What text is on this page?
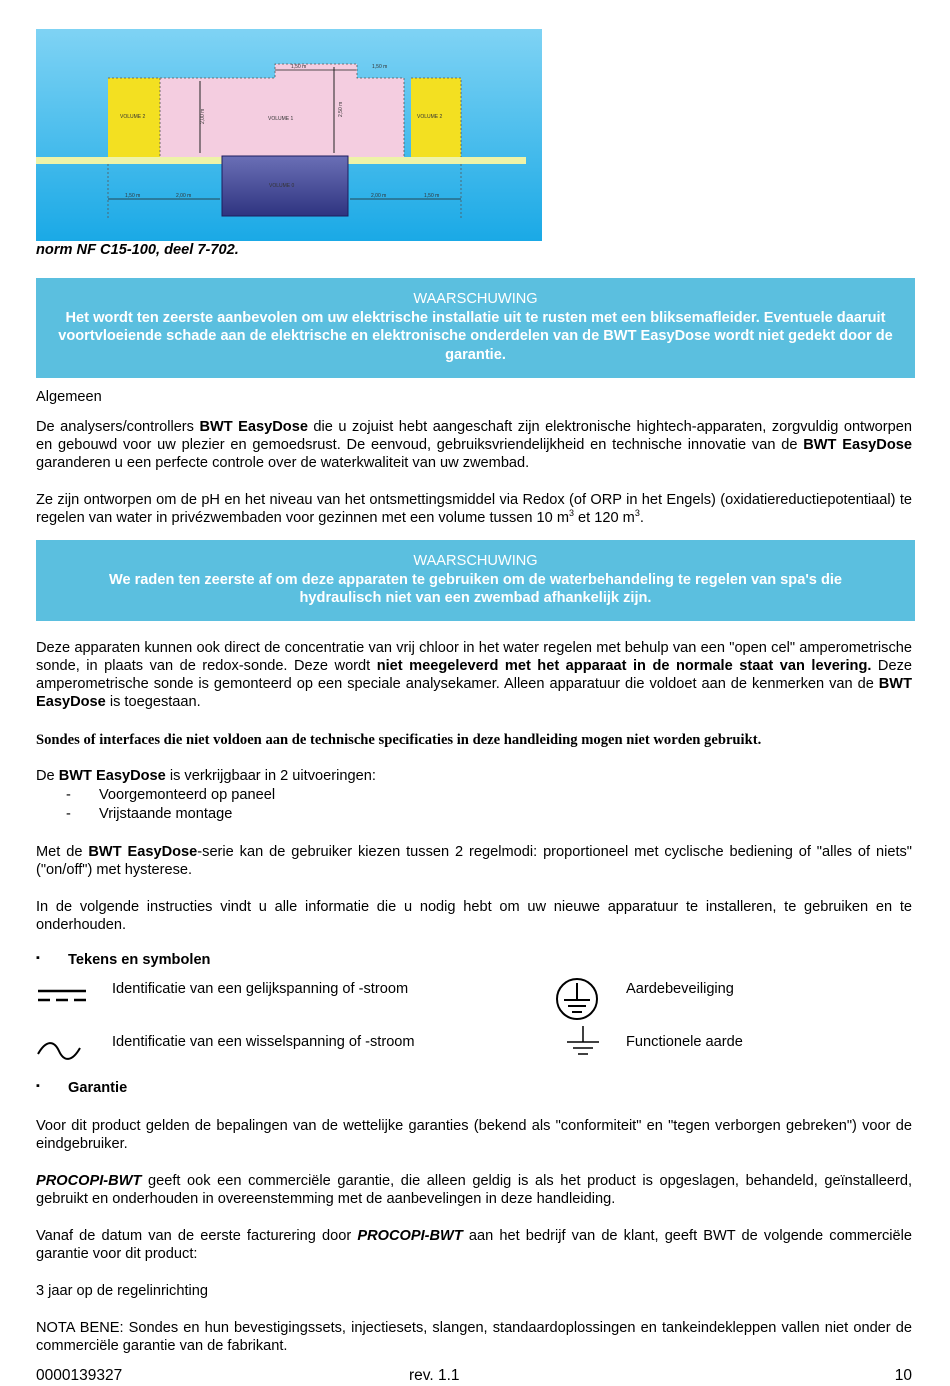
VOLUME 2	VOLUME 1	VOLUME 2
VOLUME 0
1,50 m	1,50 m
2,00 m	2,50 m
1,50 m	2,00 m	2,00 m	1,50 m
norm NF C15-100, deel 7-702.
WAARSCHUWING
Het wordt ten zeerste aanbevolen om uw elektrische installatie uit te rusten met een bliksemafleider. Eventuele daaruit voortvloeiende schade aan de elektrische en elektronische onderdelen van de BWT EasyDose wordt niet gedekt door de garantie.
Algemeen
De analysers/controllers BWT EasyDose die u zojuist hebt aangeschaft zijn elektronische hightech-apparaten, zorgvuldig ontworpen en gebouwd voor uw plezier en gemoedsrust. De eenvoud, gebruiksvriendelijkheid en technische innovatie van de BWT EasyDose garanderen u een perfecte controle over de waterkwaliteit van uw zwembad.
Ze zijn ontworpen om de pH en het niveau van het ontsmettingsmiddel via Redox (of ORP in het Engels) (oxidatiereductiepotentiaal) te regelen van water in privézwembaden voor gezinnen met een volume tussen 10 $m^3$ et 120 $m^3$.
WAARSCHUWING
We raden ten zeerste af om deze apparaten te gebruiken om de waterbehandeling te regelen van spa's die hydraulisch niet van een zwembad afhankelijk zijn.
Deze apparaten kunnen ook direct de concentratie van vrij chloor in het water regelen met behulp van een "open cel" amperometrische sonde, in plaats van de redox-sonde. Deze wordt niet meegeleverd met het apparaat in de normale staat van levering. Deze amperometrische sonde is gemonteerd op een speciale analysekamer. Alleen apparatuur die voldoet aan de kenmerken van de BWT EasyDose is toegestaan.
Sondes of interfaces die niet voldoen aan de technische specificaties in deze handleiding mogen niet worden gebruikt.
De BWT EasyDose is verkrijgbaar in 2 uitvoeringen:
- Voorgemonteerd op paneel
- Vrijstaande montage
Met de BWT EasyDose-serie kan de gebruiker kiezen tussen 2 regelmodi: proportioneel met cyclische bediening of "alles of niets" ("on/off") met hysterese.
In de volgende instructies vindt u alle informatie die u nodig hebt om uw nieuwe apparatuur te installeren, te gebruiken en te onderhouden.
▪ Tekens en symbolen
Identificatie van een gelijkspanning of -stroom	Aardebeveiliging
Identificatie van een wisselspanning of -stroom	Functionele aarde
▪ Garantie
Voor dit product gelden de bepalingen van de wettelijke garanties (bekend als "conformiteit" en "tegen verborgen gebreken") voor de eindgebruiker.
PROCOPI-BWT geeft ook een commerciële garantie, die alleen geldig is als het product is opgeslagen, behandeld, geïnstalleerd, gebruikt en onderhouden in overeenstemming met de aanbevelingen in deze handleiding.
Vanaf de datum van de eerste facturering door PROCOPI-BWT aan het bedrijf van de klant, geeft BWT de volgende commerciële garantie voor dit product:
3 jaar op de regelinrichting
NOTA BENE: Sondes en hun bevestigingssets, injectiesets, slangen, standaardoplossingen en tankeindekleppen vallen niet onder de commerciële garantie van de fabrikant.
0000139327	rev. 1.1	10
